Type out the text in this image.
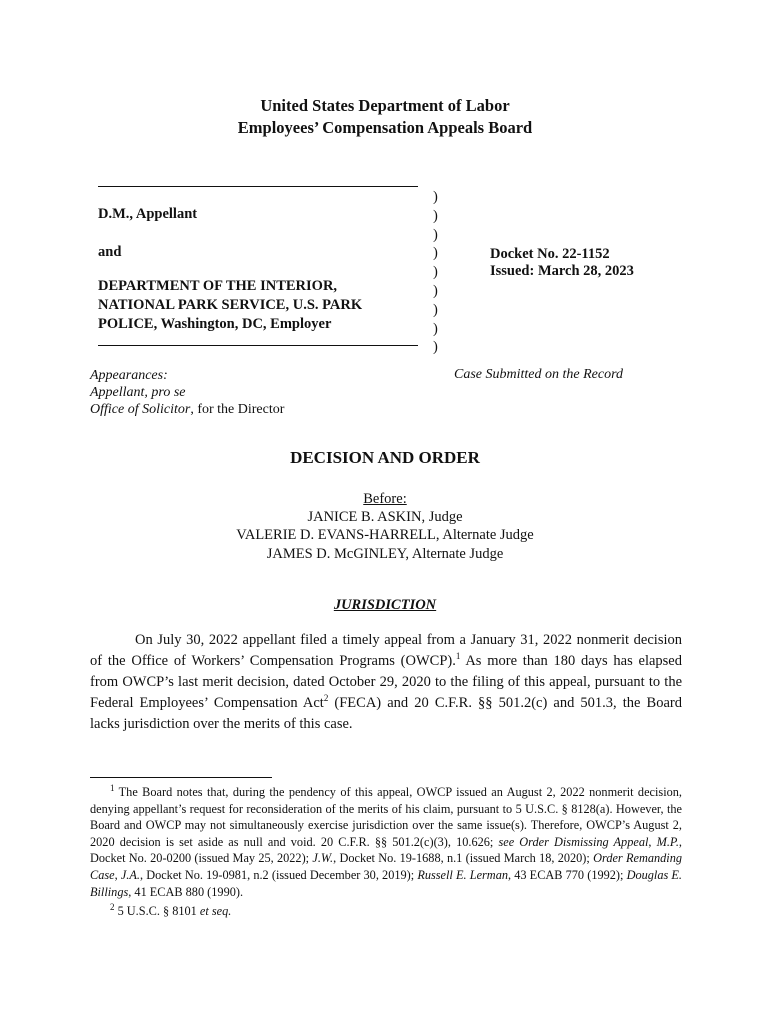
United States Department of Labor
Employees’ Compensation Appeals Board
D.M., Appellant
and
DEPARTMENT OF THE INTERIOR,
NATIONAL PARK SERVICE, U.S. PARK
POLICE, Washington, DC, Employer
)
)
)
)
)
)
)
)
)
Docket No. 22-1152
Issued: March 28, 2023
Appearances:
Appellant, pro se
Office of Solicitor, for the Director
Case Submitted on the Record
DECISION AND ORDER
Before:
JANICE B. ASKIN, Judge
VALERIE D. EVANS-HARRELL, Alternate Judge
JAMES D. McGINLEY, Alternate Judge
JURISDICTION
On July 30, 2022 appellant filed a timely appeal from a January 31, 2022 nonmerit decision of the Office of Workers’ Compensation Programs (OWCP).$^1$ As more than 180 days has elapsed from OWCP’s last merit decision, dated October 29, 2020 to the filing of this appeal, pursuant to the Federal Employees’ Compensation Act$^2$ (FECA) and 20 C.F.R. §§ 501.2(c) and 501.3, the Board lacks jurisdiction over the merits of this case.
$^1$ The Board notes that, during the pendency of this appeal, OWCP issued an August 2, 2022 nonmerit decision, denying appellant’s request for reconsideration of the merits of his claim, pursuant to 5 U.S.C. § 8128(a). However, the Board and OWCP may not simultaneously exercise jurisdiction over the same issue(s). Therefore, OWCP’s August 2, 2020 decision is set aside as null and void. 20 C.F.R. §§ 501.2(c)(3), 10.626; see Order Dismissing Appeal, M.P., Docket No. 20-0200 (issued May 25, 2022); J.W., Docket No. 19-1688, n.1 (issued March 18, 2020); Order Remanding Case, J.A., Docket No. 19-0981, n.2 (issued December 30, 2019); Russell E. Lerman, 43 ECAB 770 (1992); Douglas E. Billings, 41 ECAB 880 (1990).
$^2$ 5 U.S.C. § 8101 et seq.
